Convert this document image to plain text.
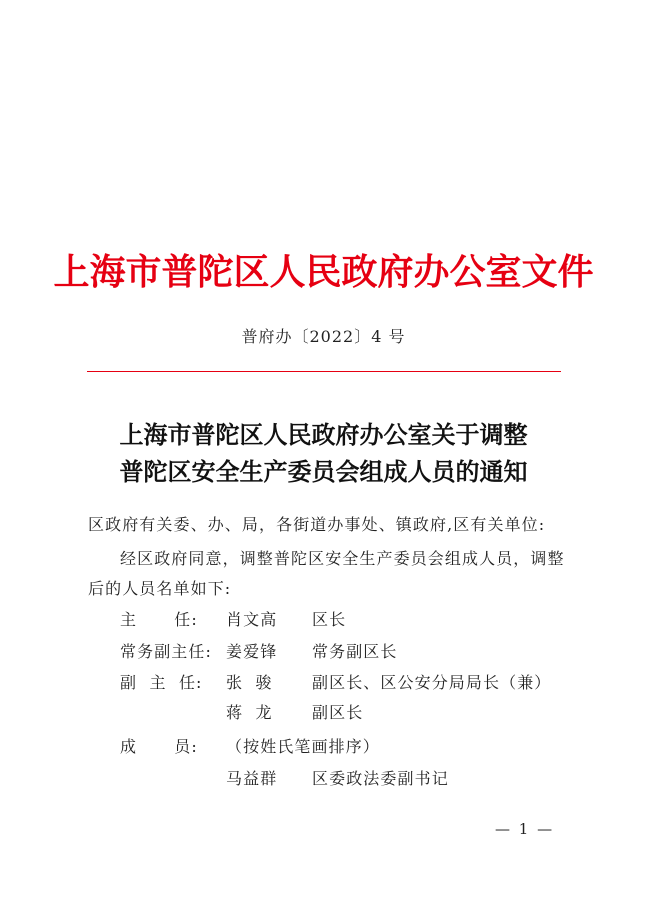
上海市普陀区人民政府办公室文件
普府办〔2022〕4 号
上海市普陀区人民政府办公室关于调整
普陀区安全生产委员会组成人员的通知
区政府有关委、办、局，各街道办事处、镇政府,区有关单位:
经区政府同意，调整普陀区安全生产委员会组成人员，调整
后的人员名单如下:
主      任:	肖文高 区长
常务副主任: 姜爱锋 常务副区长
副  主  任:	张  骏 副区长、区公安分局局长（兼）
蒋  龙 副区长
成      员:	（按姓氏笔画排序）
马益群 区委政法委副书记
— 1 —
